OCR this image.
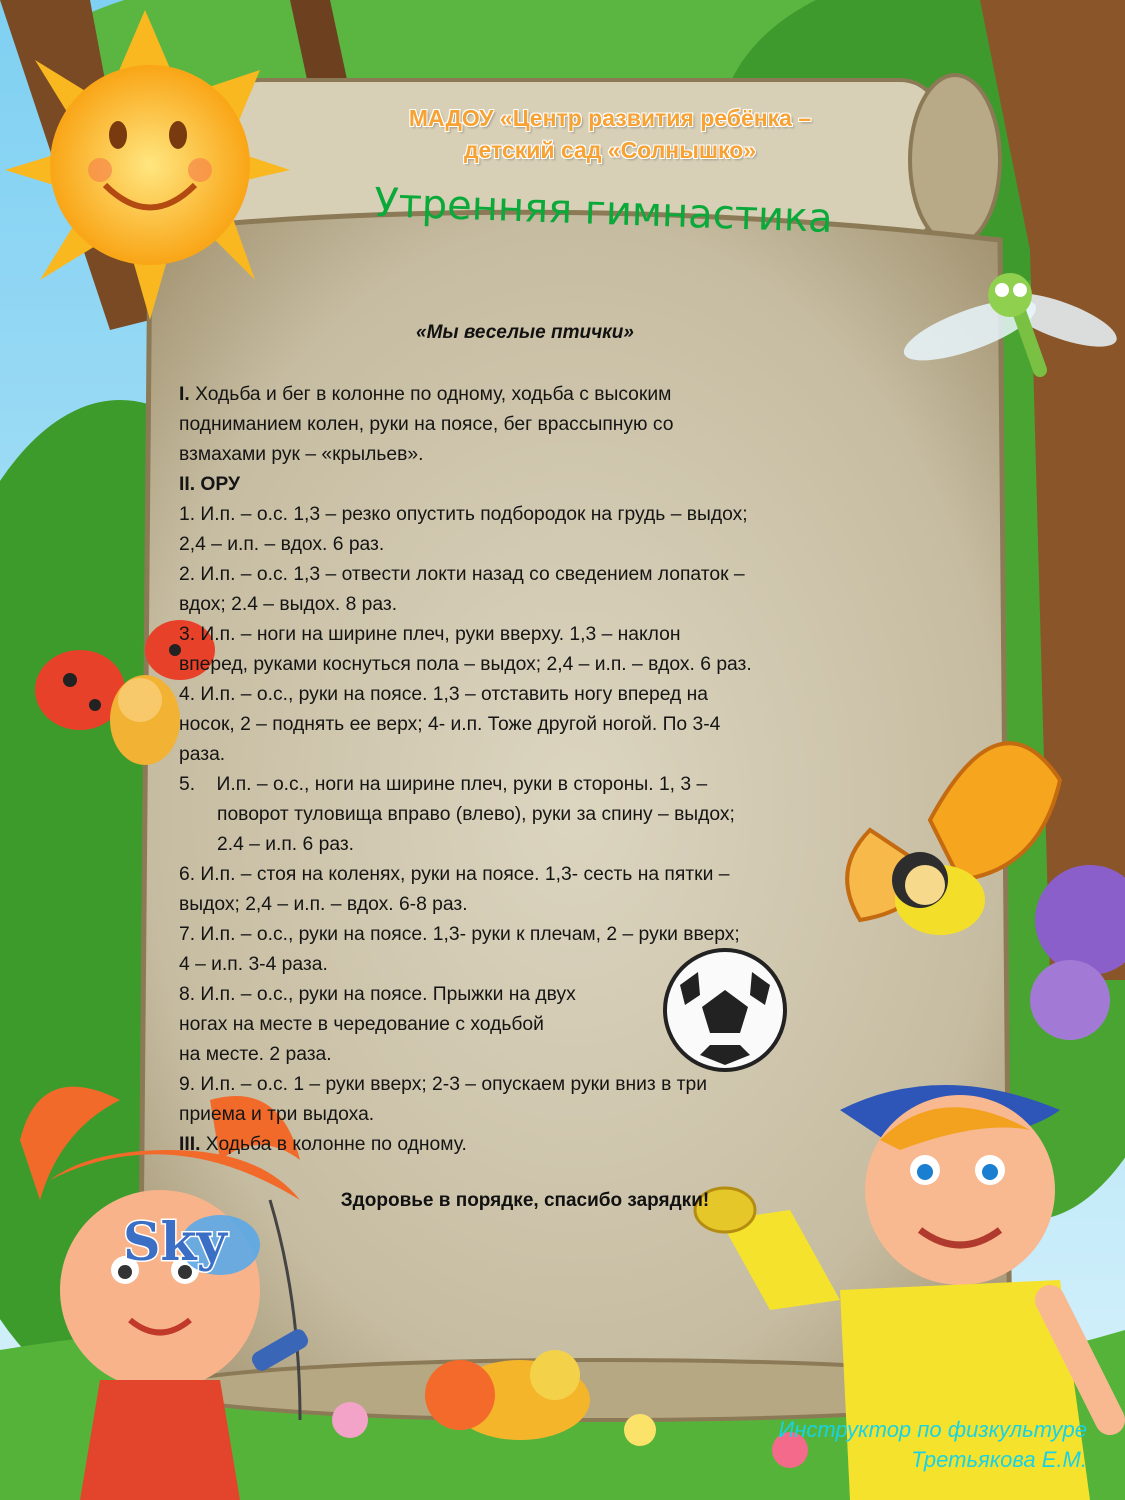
Sky
МАДОУ «Центр развития ребёнка –
детский сад «Солнышко»
Утренняя гимнастика
«Мы веселые птички»
I. Ходьба и бег в колонне по одному, ходьба с высоким
подниманием колен, руки на поясе, бег врассыпную со
взмахами рук – «крыльев».
II. ОРУ
1. И.п. – о.с. 1,3 – резко опустить подбородок на грудь – выдох;
2,4 – и.п. – вдох. 6 раз.
2. И.п. – о.с. 1,3 – отвести локти назад со сведением лопаток –
вдох; 2.4 – выдох. 8 раз.
3. И.п. – ноги на ширине плеч, руки вверху. 1,3 – наклон
вперед, руками коснуться пола – выдох; 2,4 – и.п. – вдох. 6 раз.
4. И.п. – о.с., руки на поясе. 1,3 – отставить ногу вперед на
носок, 2 – поднять ее верх; 4- и.п. Тоже другой ногой. По 3-4
раза.
5.    И.п. – о.с., ноги на ширине плеч, руки в стороны. 1, 3 –
поворот туловища вправо (влево), руки за спину – выдох;
2.4 – и.п. 6 раз.
6. И.п. – стоя на коленях, руки на поясе. 1,3- сесть на пятки –
выдох; 2,4 – и.п. – вдох. 6-8 раз.
7. И.п. – о.с., руки на поясе. 1,3- руки к плечам, 2 – руки вверх;
4 – и.п. 3-4 раза.
8. И.п. – о.с., руки на поясе. Прыжки на двух
ногах на месте в чередование с ходьбой
на месте. 2 раза.
9. И.п. – о.с. 1 – руки вверх; 2-3 – опускаем руки вниз в три
приема и три выдоха.
III. Ходьба в колонне по одному.
Здоровье в порядке, спасибо зарядки!
Инструктор по физкультуре
Третьякова Е.М.
